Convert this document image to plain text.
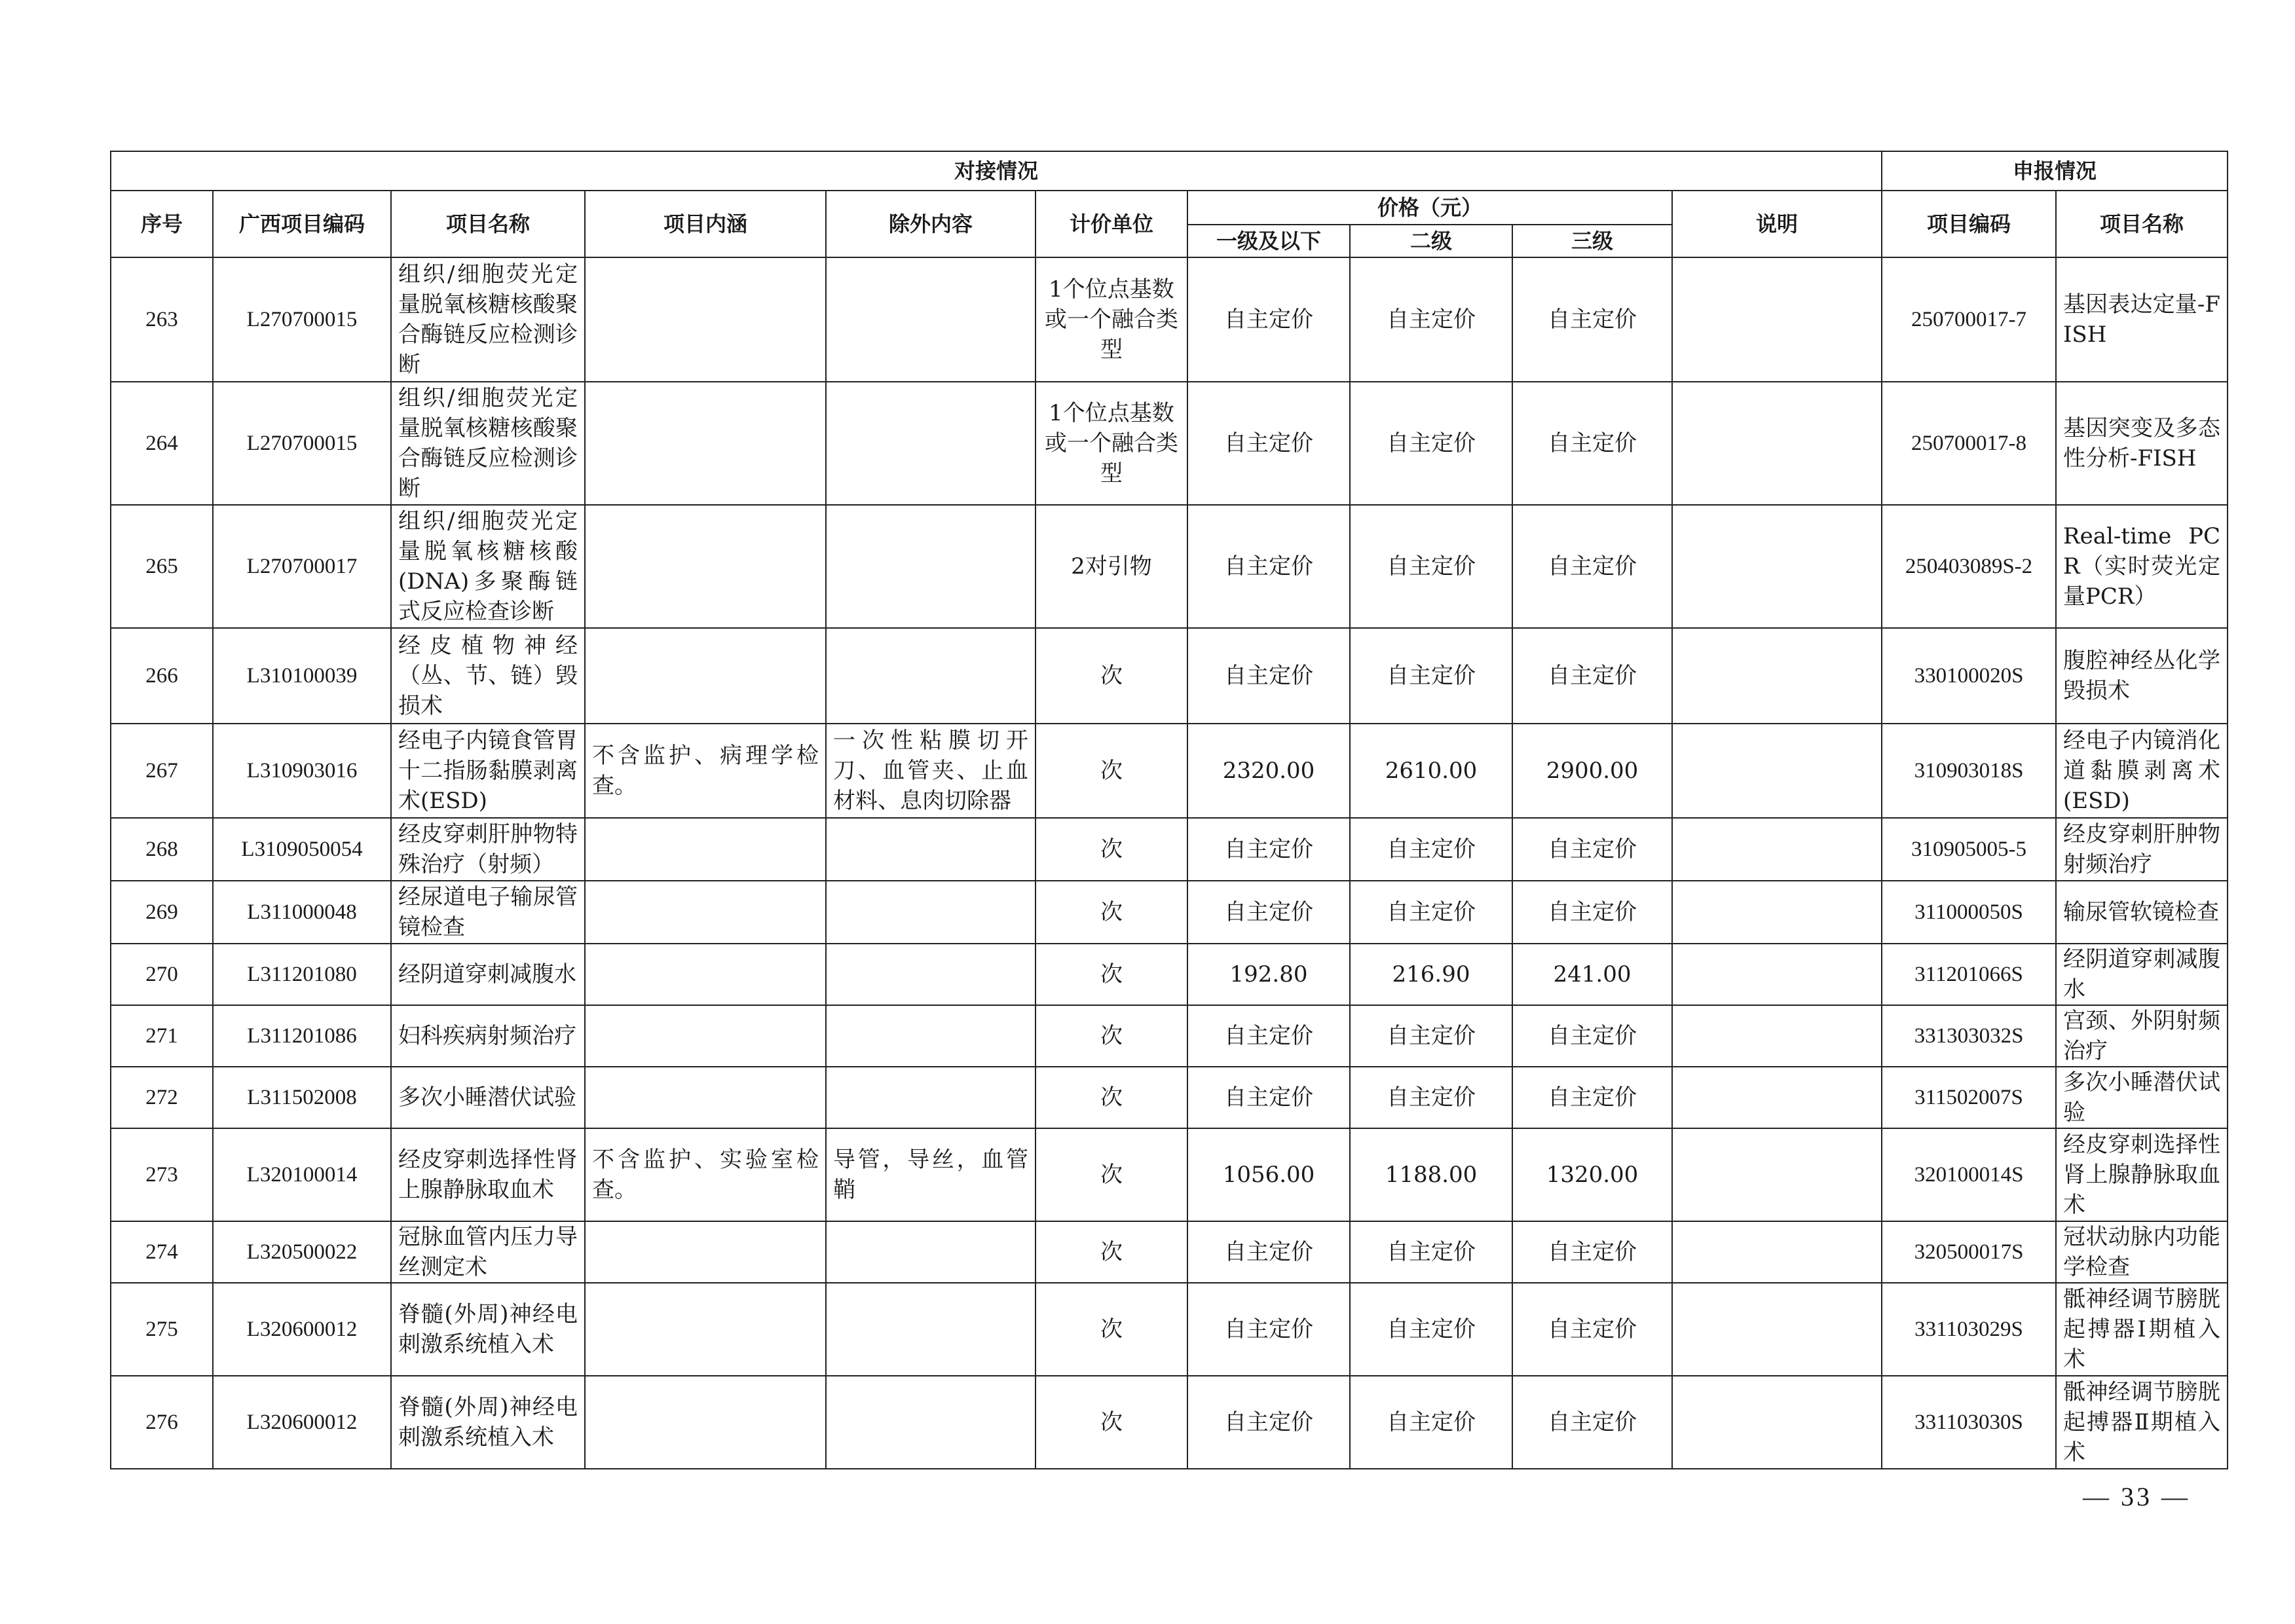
对接情况										申报情况	
序号	广西项目编码	项目名称	项目内涵	除外内容	计价单位	价格（元）			说明	项目编码	项目名称
						一级及以下	二级	三级			
263	L270700015	组织/细胞荧光定量脱氧核糖核酸聚合酶链反应检测诊断			1个位点基数或一个融合类型	自主定价	自主定价	自主定价		250700017-7	基因表达定量-FISH
264	L270700015	组织/细胞荧光定量脱氧核糖核酸聚合酶链反应检测诊断			1个位点基数或一个融合类型	自主定价	自主定价	自主定价		250700017-8	基因突变及多态性分析-FISH
265	L270700017	组织/细胞荧光定量脱氧核糖核酸(DNA)多聚酶链式反应检查诊断			2对引物	自主定价	自主定价	自主定价		250403089S-2	Real-time PCR（实时荧光定量PCR）
266	L310100039	经皮植物神经（丛、节、链）毁损术			次	自主定价	自主定价	自主定价		330100020S	腹腔神经丛化学毁损术
267	L310903016	经电子内镜食管胃十二指肠黏膜剥离术(ESD)	不含监护、病理学检查。	一次性粘膜切开刀、血管夹、止血材料、息肉切除器	次	2320.00	2610.00	2900.00		310903018S	经电子内镜消化道黏膜剥离术(ESD)
268	L3109050054	经皮穿刺肝肿物特殊治疗（射频）			次	自主定价	自主定价	自主定价		310905005-5	经皮穿刺肝肿物射频治疗
269	L311000048	经尿道电子输尿管镜检查			次	自主定价	自主定价	自主定价		311000050S	输尿管软镜检查
270	L311201080	经阴道穿刺减腹水			次	192.80	216.90	241.00		311201066S	经阴道穿刺减腹水
271	L311201086	妇科疾病射频治疗			次	自主定价	自主定价	自主定价		331303032S	宫颈、外阴射频治疗
272	L311502008	多次小睡潜伏试验			次	自主定价	自主定价	自主定价		311502007S	多次小睡潜伏试验
273	L320100014	经皮穿刺选择性肾上腺静脉取血术	不含监护、实验室检查。	导管，导丝，血管鞘	次	1056.00	1188.00	1320.00		320100014S	经皮穿刺选择性肾上腺静脉取血术
274	L320500022	冠脉血管内压力导丝测定术			次	自主定价	自主定价	自主定价		320500017S	冠状动脉内功能学检查
275	L320600012	脊髓(外周)神经电刺激系统植入术			次	自主定价	自主定价	自主定价		331103029S	骶神经调节膀胱起搏器Ⅰ期植入术
276	L320600012	脊髓(外周)神经电刺激系统植入术			次	自主定价	自主定价	自主定价		331103030S	骶神经调节膀胱起搏器Ⅱ期植入术
— 33 —
